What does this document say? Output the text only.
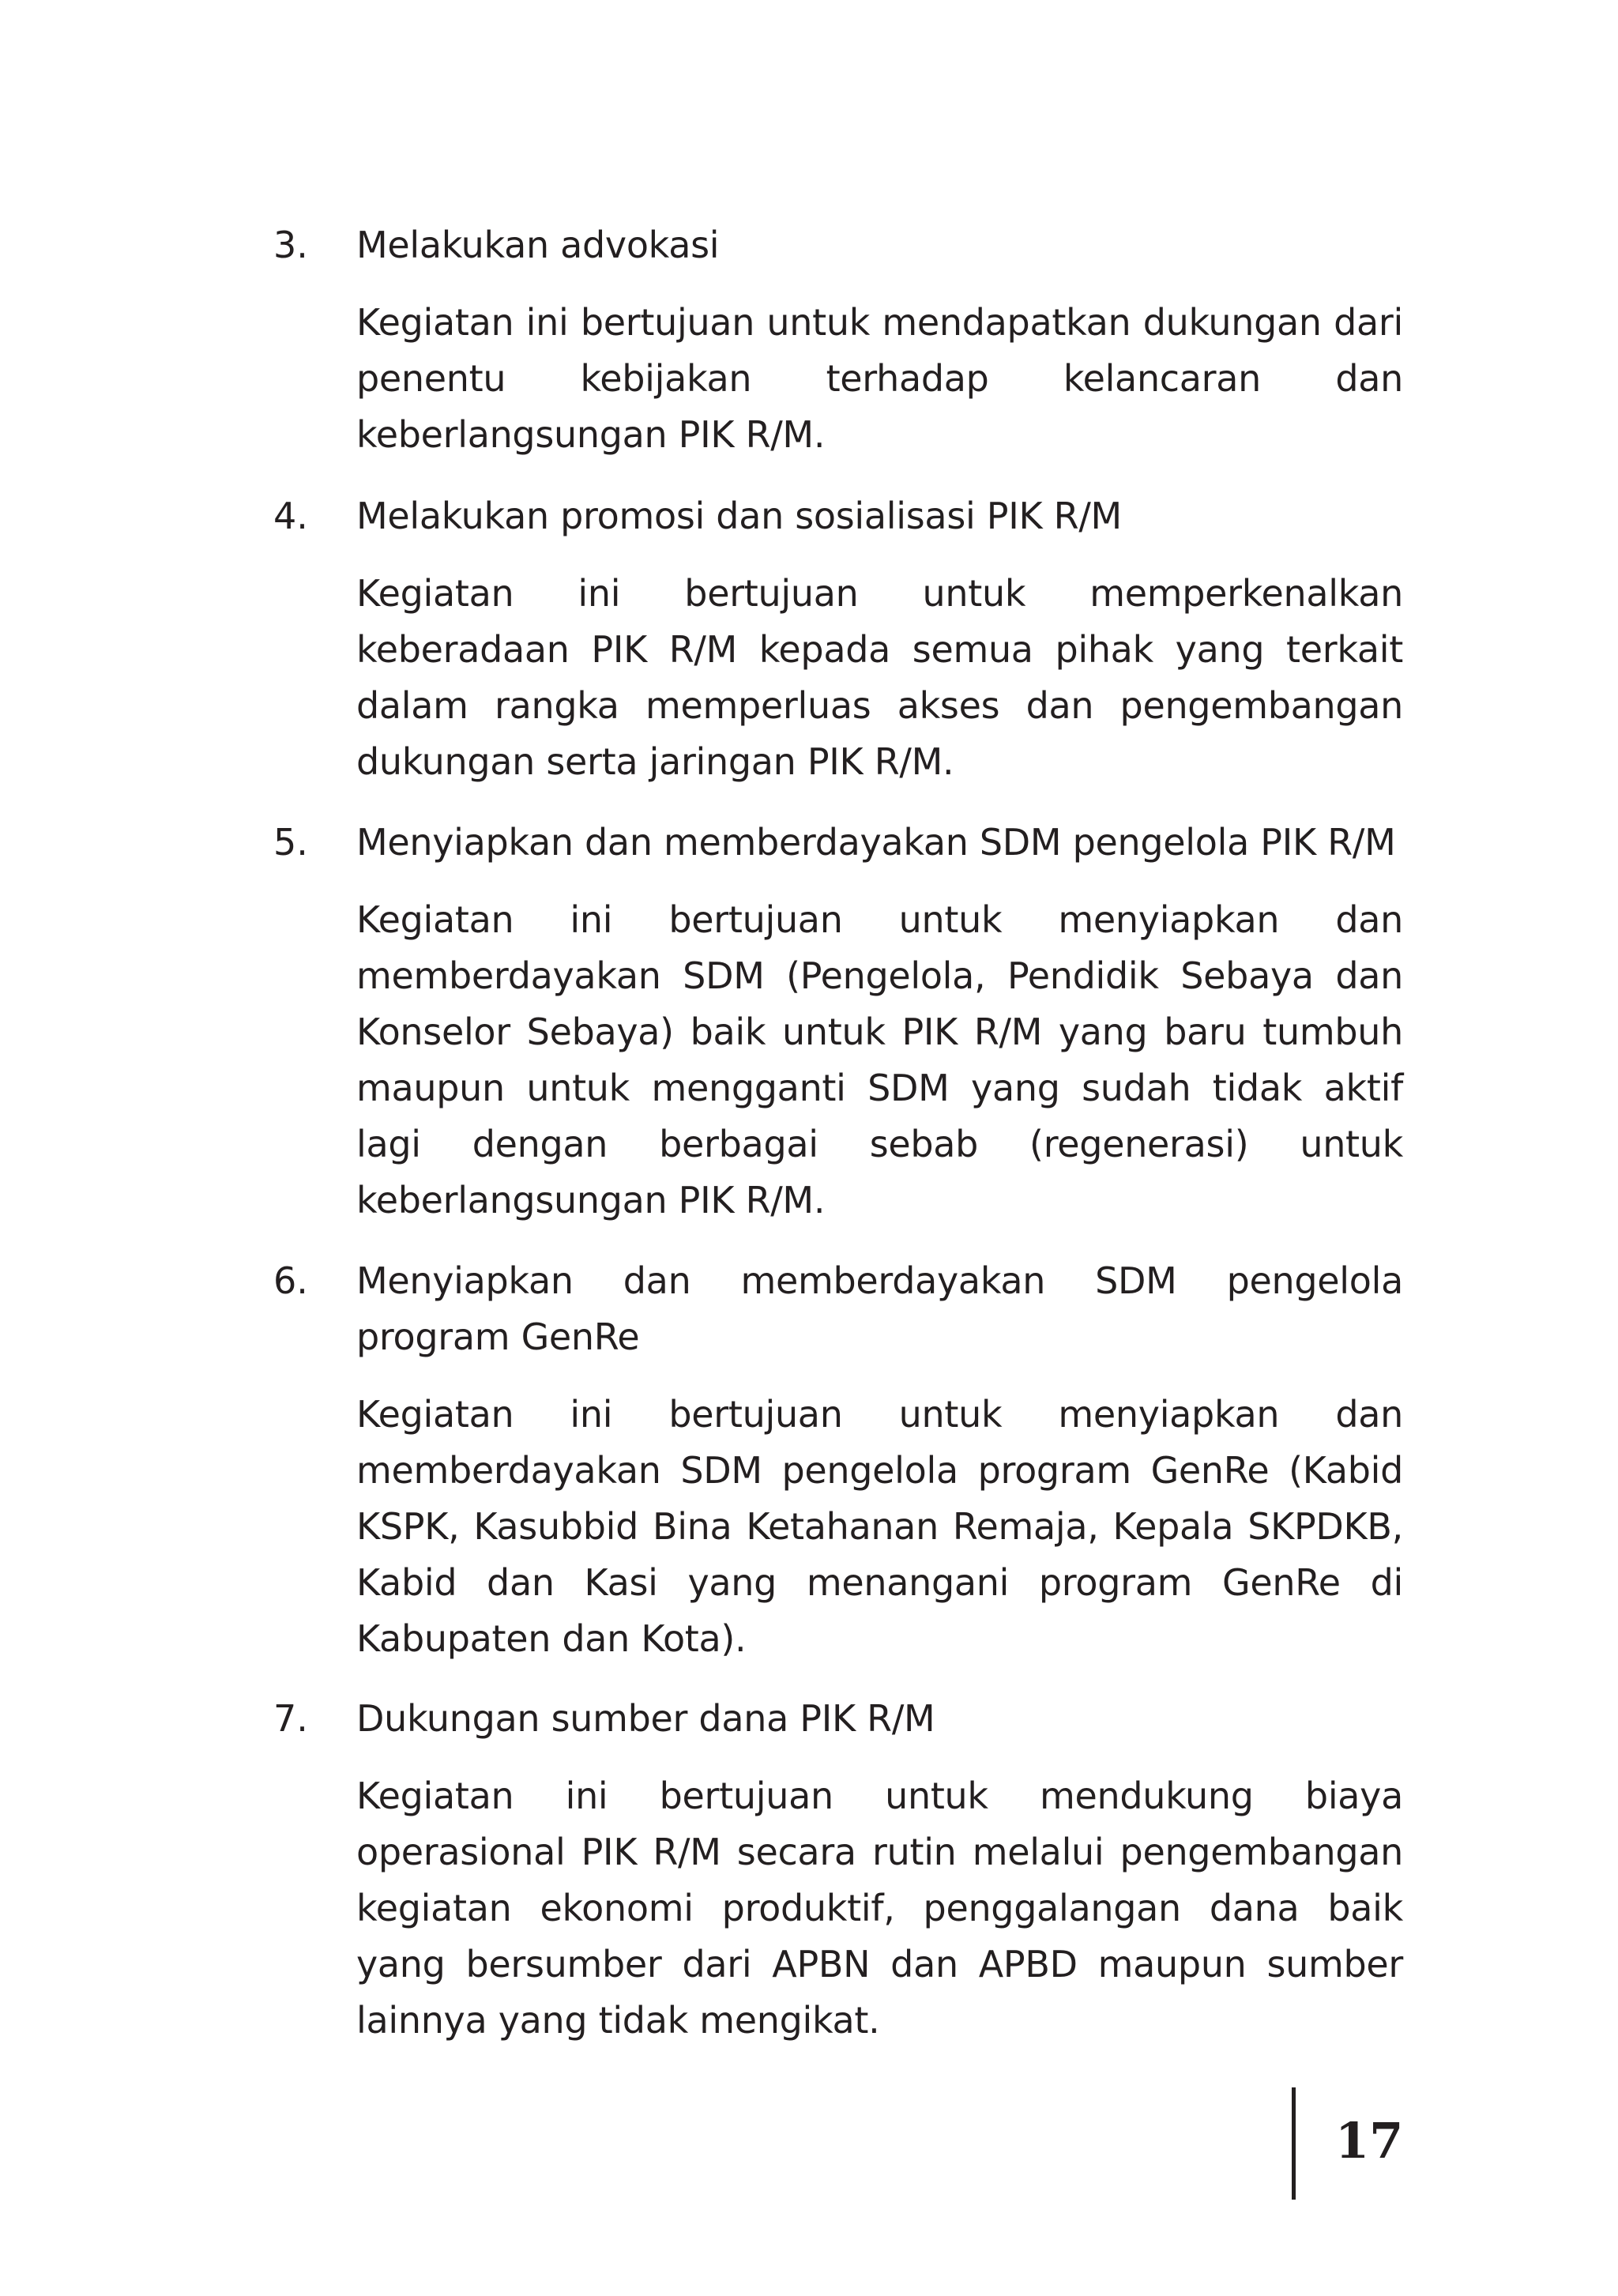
3. Melakukan advokasi
Kegiatan ini bertujuan untuk mendapatkan dukungan dari penentu kebijakan terhadap kelancaran dan keberlangsungan PIK R/M.
4. Melakukan promosi dan sosialisasi PIK R/M
Kegiatan ini bertujuan untuk memperkenalkan keberadaan PIK R/M kepada semua pihak yang terkait dalam rangka memperluas akses dan pengembangan dukungan serta jaringan PIK R/M.
5. Menyiapkan dan memberdayakan SDM pengelola PIK R/M
Kegiatan ini bertujuan untuk menyiapkan dan memberdayakan SDM (Pengelola, Pendidik Sebaya dan Konselor Sebaya) baik untuk PIK R/M yang baru tumbuh maupun untuk mengganti SDM yang sudah tidak aktif lagi dengan berbagai sebab (regenerasi) untuk keberlangsungan PIK R/M.
6. Menyiapkan dan memberdayakan SDM pengelola program GenRe
Kegiatan ini bertujuan untuk menyiapkan dan memberdayakan SDM pengelola program GenRe (Kabid KSPK, Kasubbid Bina Ketahanan Remaja, Kepala SKPDKB, Kabid dan Kasi yang menangani program GenRe di Kabupaten dan Kota).
7. Dukungan sumber dana PIK R/M
Kegiatan ini bertujuan untuk mendukung biaya operasional PIK R/M secara rutin melalui pengembangan kegiatan ekonomi produktif, penggalangan dana baik yang bersumber dari APBN dan APBD maupun sumber lainnya yang tidak mengikat.
17
